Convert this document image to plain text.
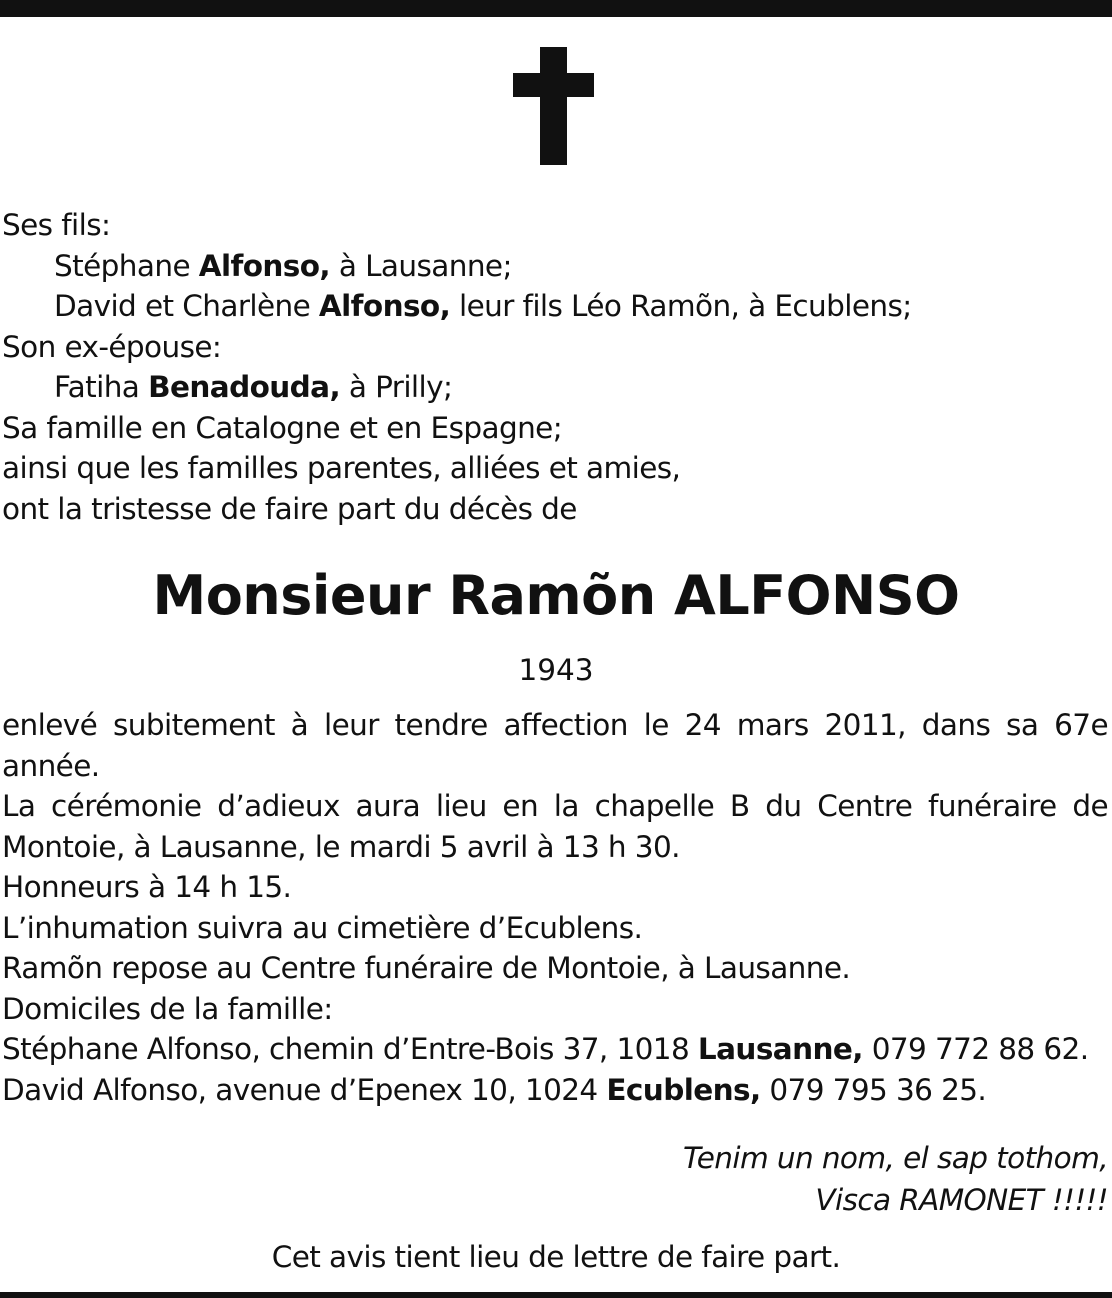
Ses fils:
Stéphane Alfonso, à Lausanne;
David et Charlène Alfonso, leur fils Léo Ramõn, à Ecublens;
Son ex-épouse:
Fatiha Benadouda, à Prilly;
Sa famille en Catalogne et en Espagne;
ainsi que les familles parentes, alliées et amies,
ont la tristesse de faire part du décès de
Monsieur Ramõn ALFONSO
1943
enlevé subitement à leur tendre affection le 24 mars 2011, dans sa 67e année.
La cérémonie d’adieux aura lieu en la chapelle B du Centre funéraire de Montoie, à Lausanne, le mardi 5 avril à 13 h 30.
Honneurs à 14 h 15.
L’inhumation suivra au cimetière d’Ecublens.
Ramõn repose au Centre funéraire de Montoie, à Lausanne.
Domiciles de la famille:
Stéphane Alfonso, chemin d’Entre-Bois 37, 1018 Lausanne, 079 772 88 62.
David Alfonso, avenue d’Epenex 10, 1024 Ecublens, 079 795 36 25.
Tenim un nom, el sap tothom,
Visca RAMONET !!!!!
Cet avis tient lieu de lettre de faire part.
